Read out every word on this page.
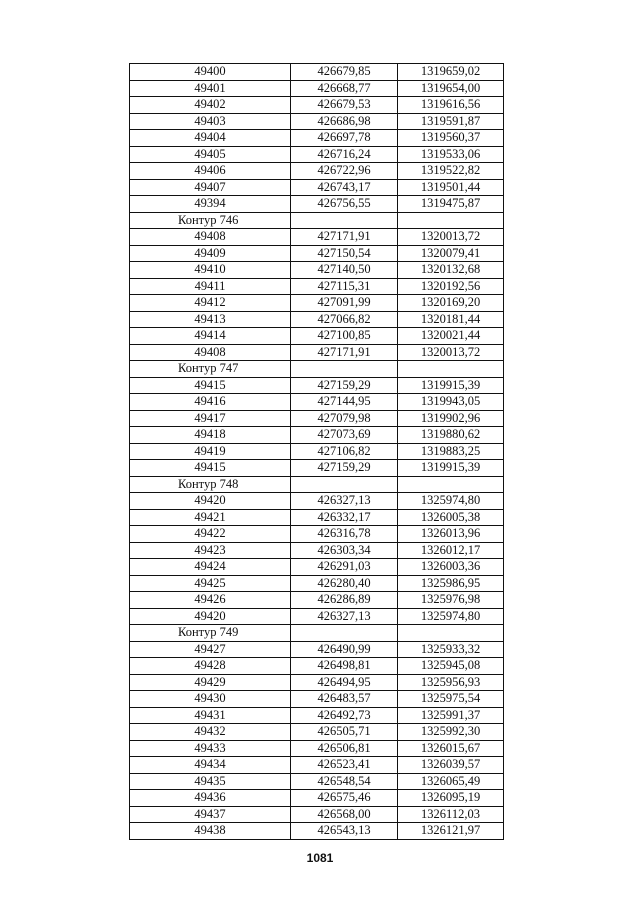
49400	426679,85	1319659,02
49401	426668,77	1319654,00
49402	426679,53	1319616,56
49403	426686,98	1319591,87
49404	426697,78	1319560,37
49405	426716,24	1319533,06
49406	426722,96	1319522,82
49407	426743,17	1319501,44
49394	426756,55	1319475,87
Контур 746		
49408	427171,91	1320013,72
49409	427150,54	1320079,41
49410	427140,50	1320132,68
49411	427115,31	1320192,56
49412	427091,99	1320169,20
49413	427066,82	1320181,44
49414	427100,85	1320021,44
49408	427171,91	1320013,72
Контур 747		
49415	427159,29	1319915,39
49416	427144,95	1319943,05
49417	427079,98	1319902,96
49418	427073,69	1319880,62
49419	427106,82	1319883,25
49415	427159,29	1319915,39
Контур 748		
49420	426327,13	1325974,80
49421	426332,17	1326005,38
49422	426316,78	1326013,96
49423	426303,34	1326012,17
49424	426291,03	1326003,36
49425	426280,40	1325986,95
49426	426286,89	1325976,98
49420	426327,13	1325974,80
Контур 749		
49427	426490,99	1325933,32
49428	426498,81	1325945,08
49429	426494,95	1325956,93
49430	426483,57	1325975,54
49431	426492,73	1325991,37
49432	426505,71	1325992,30
49433	426506,81	1326015,67
49434	426523,41	1326039,57
49435	426548,54	1326065,49
49436	426575,46	1326095,19
49437	426568,00	1326112,03
49438	426543,13	1326121,97
1081
